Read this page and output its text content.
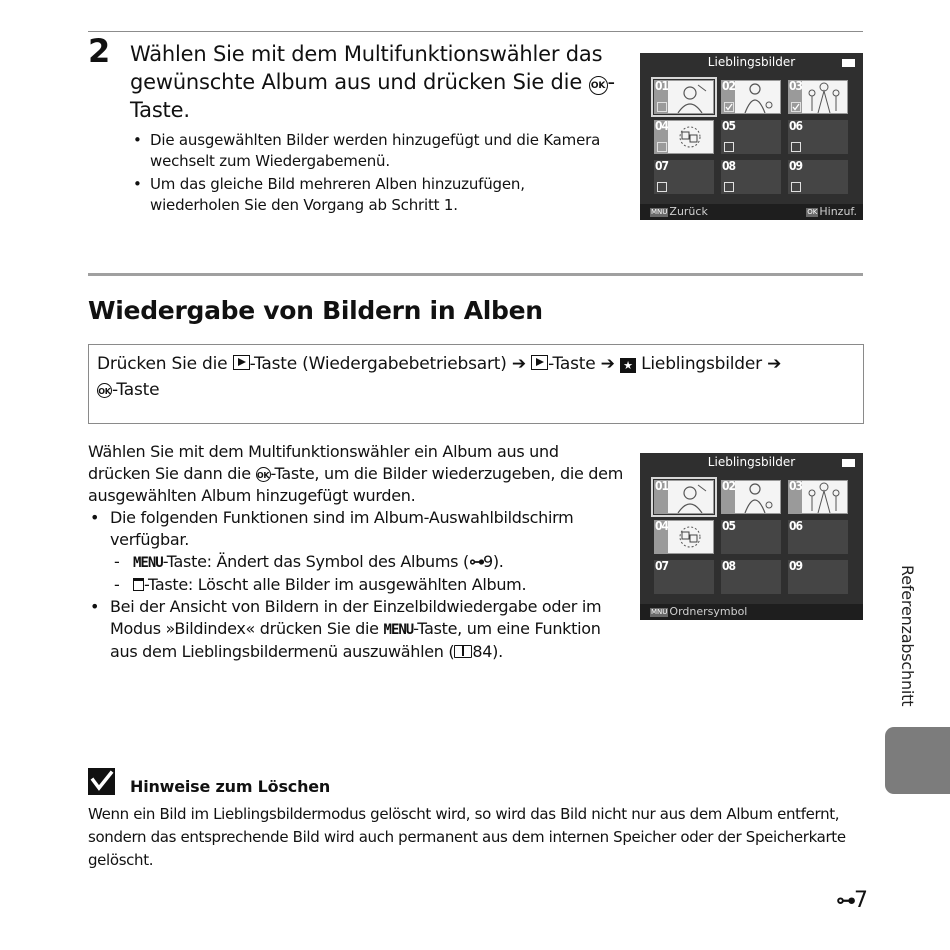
2 Wählen Sie mit dem Multifunktionswähler das gewünschte Album aus und drücken Sie die OK -Taste.
• Die ausgewählten Bilder werden hinzugefügt und die Kamera wechselt zum Wiedergabemenü.
• Um das gleiche Bild mehreren Alben hinzuzufügen, wiederholen Sie den Vorgang ab Schritt 1.
Lieblingsbilder
01	02	03
04	05	06
07	08	09
MNU Zurück	OK Hinzuf.
Wiedergabe von Bildern in Alben
Drücken Sie die -Taste (Wiedergabebetriebsart) ➔ -Taste ➔ ★ Lieblingsbilder ➔
OK-Taste

Wählen Sie mit dem Multifunktionswähler ein Album aus und drücken Sie dann die OK-Taste, um die Bilder wiederzugeben, die dem ausgewählten Album hinzugefügt wurden.

• Die folgenden Funktionen sind im Album-Auswahlbildschirm verfügbar.
- MENU-Taste: Ändert das Symbol des Albums (⊶9).
- -Taste: Löscht alle Bilder im ausgewählten Album.
• Bei der Ansicht von Bildern in der Einzelbildwiedergabe oder im Modus »Bildindex« drücken Sie die MENU-Taste, um eine Funktion aus dem Lieblingsbildermenü auszuwählen ( 84).
Lieblingsbilder
01	02	03
04	05	06
07	08	09
MNU Ordnersymbol	Referenzabschnitt
Hinweise zum Löschen
Wenn ein Bild im Lieblingsbildermodus gelöscht wird, so wird das Bild nicht nur aus dem Album entfernt, sondern das entsprechende Bild wird auch permanent aus dem internen Speicher oder der Speicherkarte gelöscht.
⊶7
